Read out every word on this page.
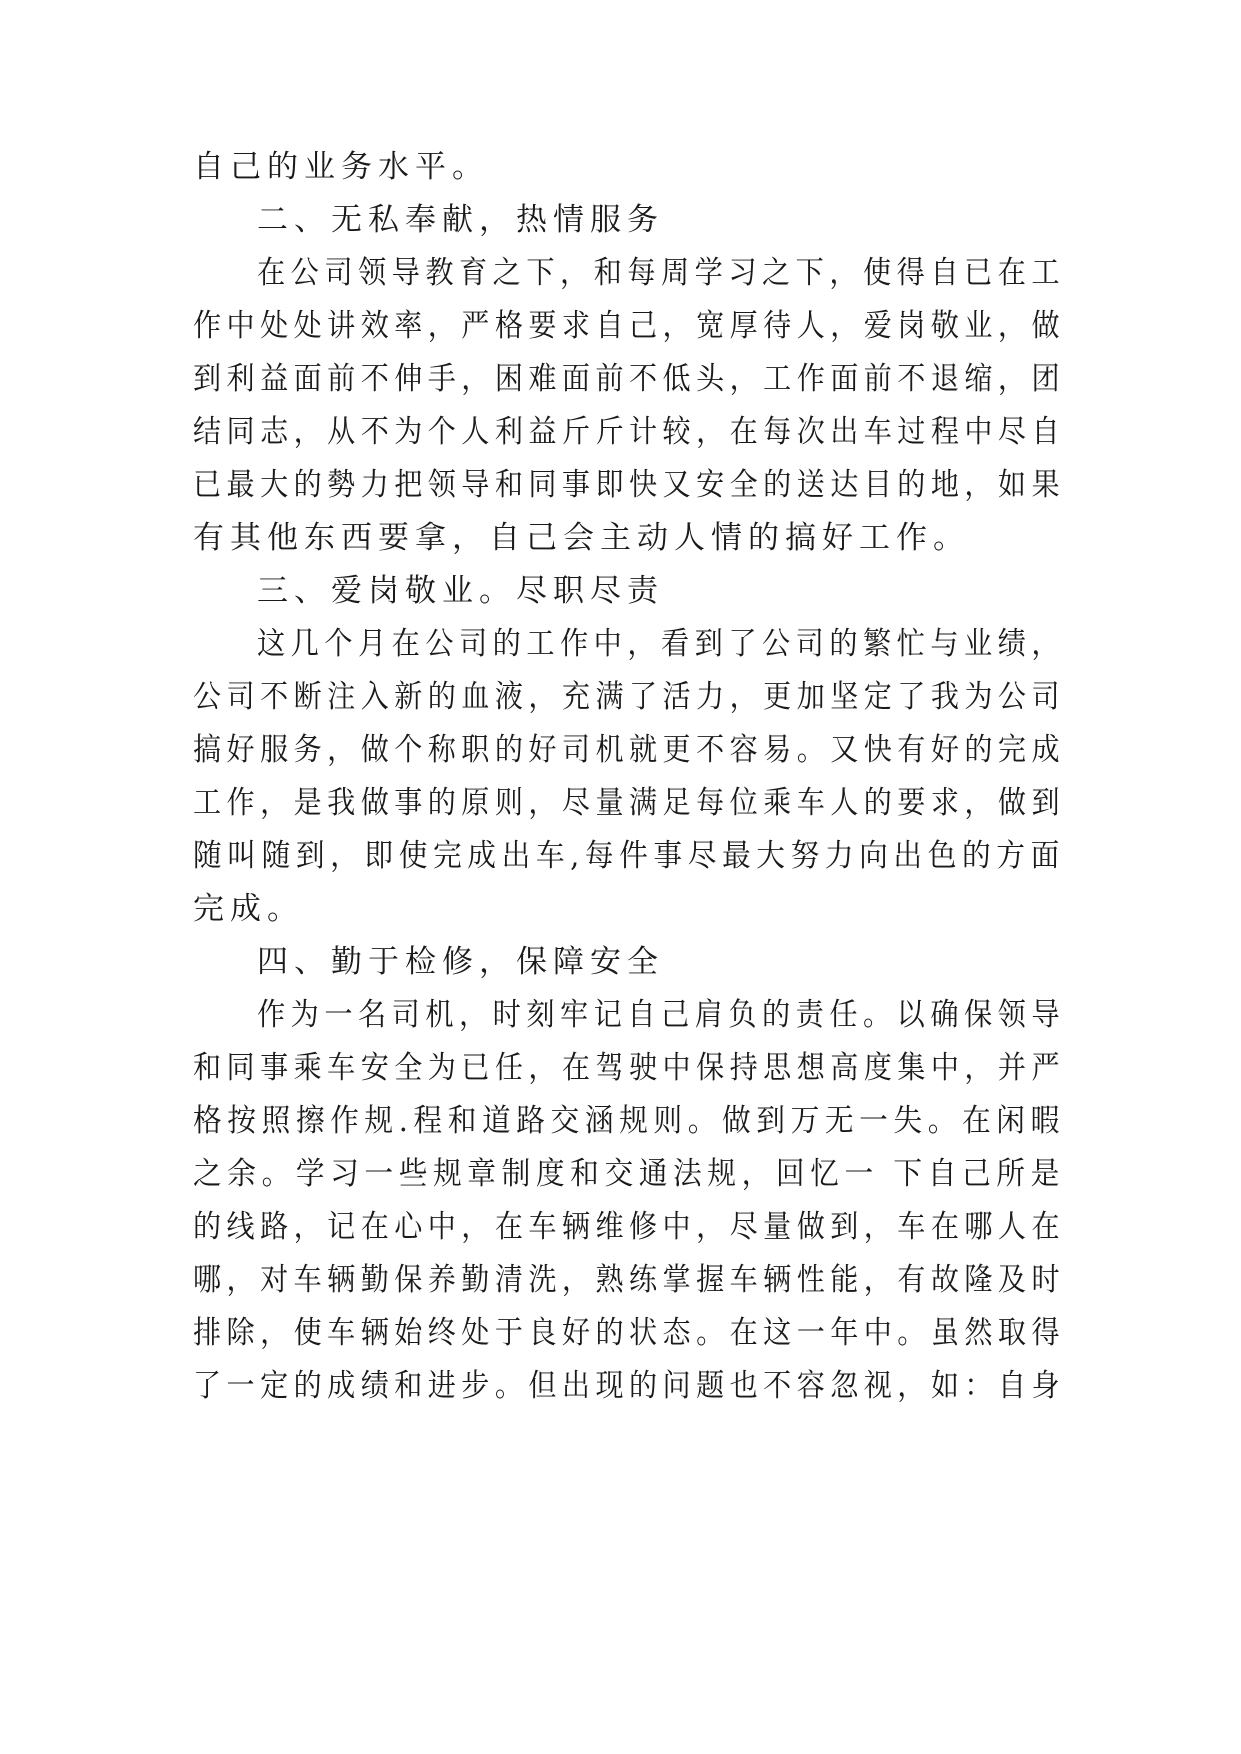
自己的业务水平。
二、无私奉献，热情服务
在公司领导教育之下，和每周学习之下，使得自已在工
作中处处讲效率，严格要求自己，宽厚待人，爱岗敬业，做
到利益面前不伸手，困难面前不低头，工作面前不退缩，团
结同志，从不为个人利益斤斤计较，在每次出车过程中尽自
已最大的勢力把领导和同事即快又安全的送达目的地，如果
有其他东西要拿，自己会主动人情的搞好工作。
三、爱岗敬业。尽职尽责
这几个月在公司的工作中，看到了公司的繁忙与业绩，
公司不断注入新的血液，充满了活力，更加坚定了我为公司
搞好服务，做个称职的好司机就更不容易。又快有好的完成
工作，是我做事的原则，尽量满足每位乘车人的要求，做到
随叫随到，即使完成出车,每件事尽最大努力向出色的方面
完成。
四、勤于检修，保障安全
作为一名司机，时刻牢记自己肩负的责任。以确保领导
和同事乘车安全为已任，在驾驶中保持思想高度集中，并严
格按照擦作规.程和道路交涵规则。做到万无一失。在闲暇
之余。学习一些规章制度和交通法规，回忆一 下自己所是
的线路，记在心中，在车辆维修中，尽量做到，车在哪人在
哪，对车辆勤保养勤清洗，熟练掌握车辆性能，有故隆及时
排除，使车辆始终处于良好的状态。在这一年中。虽然取得
了一定的成绩和进步。但出现的问题也不容忽视，如：自身
